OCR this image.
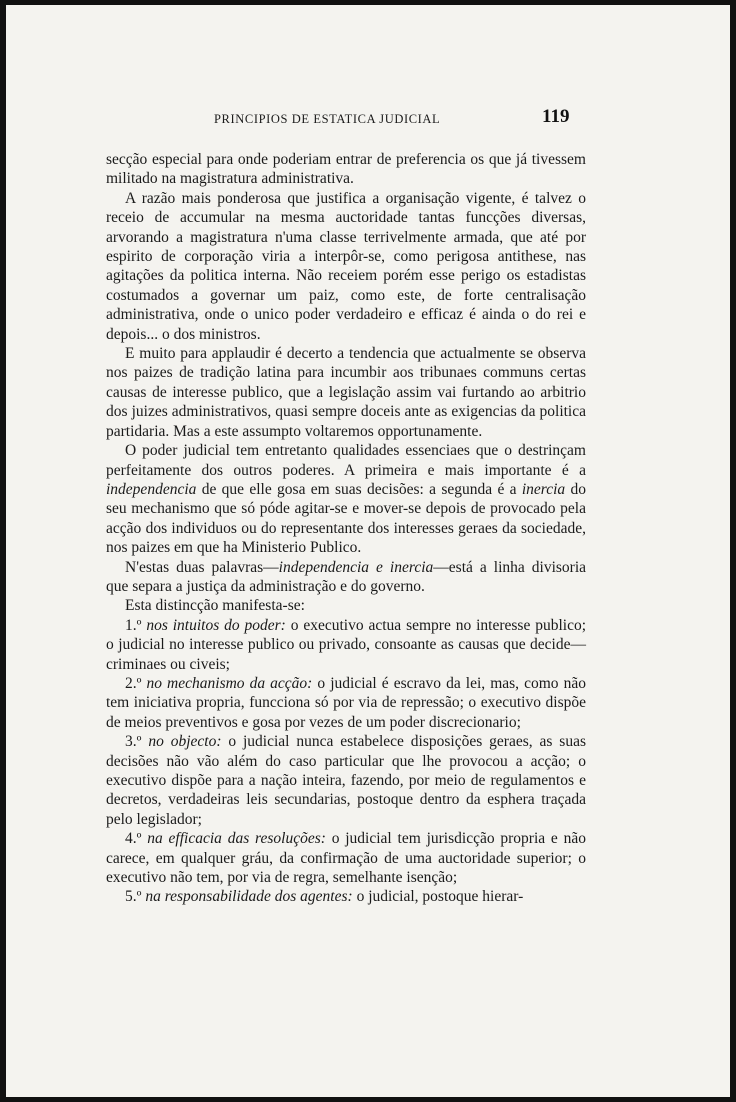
PRINCIPIOS DE ESTATICA JUDICIAL	119

secção especial para onde poderiam entrar de preferencia os que já tivessem militado na magistratura administrativa.

A razão mais ponderosa que justifica a organisação vigente, é talvez o receio de accumular na mesma auctoridade tantas funcções diversas, arvorando a magistratura n'uma classe terrivelmente armada, que até por espirito de corporação viria a interpôr-se, como perigosa antithese, nas agitações da politica interna. Não receiem porém esse perigo os estadistas costumados a governar um paiz, como este, de forte centralisação administrativa, onde o unico poder verdadeiro e efficaz é ainda o do rei e depois... o dos ministros.

E muito para applaudir é decerto a tendencia que actualmente se observa nos paizes de tradição latina para incumbir aos tribunaes communs certas causas de interesse publico, que a legislação assim vai furtando ao arbitrio dos juizes administrativos, quasi sempre doceis ante as exigencias da politica partidaria. Mas a este assumpto voltaremos opportunamente.

O poder judicial tem entretanto qualidades essenciaes que o destrinçam perfeitamente dos outros poderes. A primeira e mais importante é a independencia de que elle gosa em suas decisões: a segunda é a inercia do seu mechanismo que só póde agitar-se e mover-se depois de provocado pela acção dos individuos ou do representante dos interesses geraes da sociedade, nos paizes em que ha Ministerio Publico.

N'estas duas palavras—independencia e inercia—está a linha divisoria que separa a justiça da administração e do governo.

Esta distincção manifesta-se:

1.º nos intuitos do poder: o executivo actua sempre no interesse publico; o judicial no interesse publico ou privado, consoante as causas que decide—criminaes ou civeis;

2.º no mechanismo da acção: o judicial é escravo da lei, mas, como não tem iniciativa propria, funcciona só por via de repressão; o executivo dispõe de meios preventivos e gosa por vezes de um poder discrecionario;

3.º no objecto: o judicial nunca estabelece disposições geraes, as suas decisões não vão além do caso particular que lhe provocou a acção; o executivo dispõe para a nação inteira, fazendo, por meio de regulamentos e decretos, verdadeiras leis secundarias, postoque dentro da esphera traçada pelo legislador;

4.º na efficacia das resoluções: o judicial tem jurisdicção propria e não carece, em qualquer gráu, da confirmação de uma auctoridade superior; o executivo não tem, por via de regra, semelhante isenção;

5.º na responsabilidade dos agentes: o judicial, postoque hierar-
